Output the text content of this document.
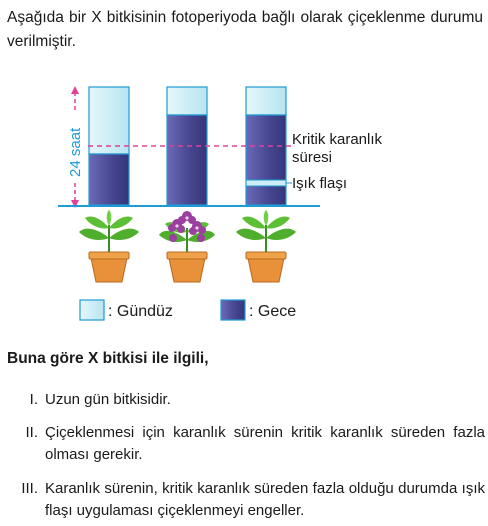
Aşağıda bir X bitkisinin fotoperiyoda bağlı olarak çiçeklenme durumu verilmiştir.
24 saat	Kritik karanlık
süresi
Işık flaşı
: Gündüz	: Gece
Buna göre X bitkisi ile ilgili,
I. Uzun gün bitkisidir.
II. Çiçeklenmesi için karanlık sürenin kritik karanlık süreden fazla olması gerekir.
III. Karanlık sürenin, kritik karanlık süreden fazla olduğu durumda ışık flaşı uygulaması çiçeklenmeyi engeller.
